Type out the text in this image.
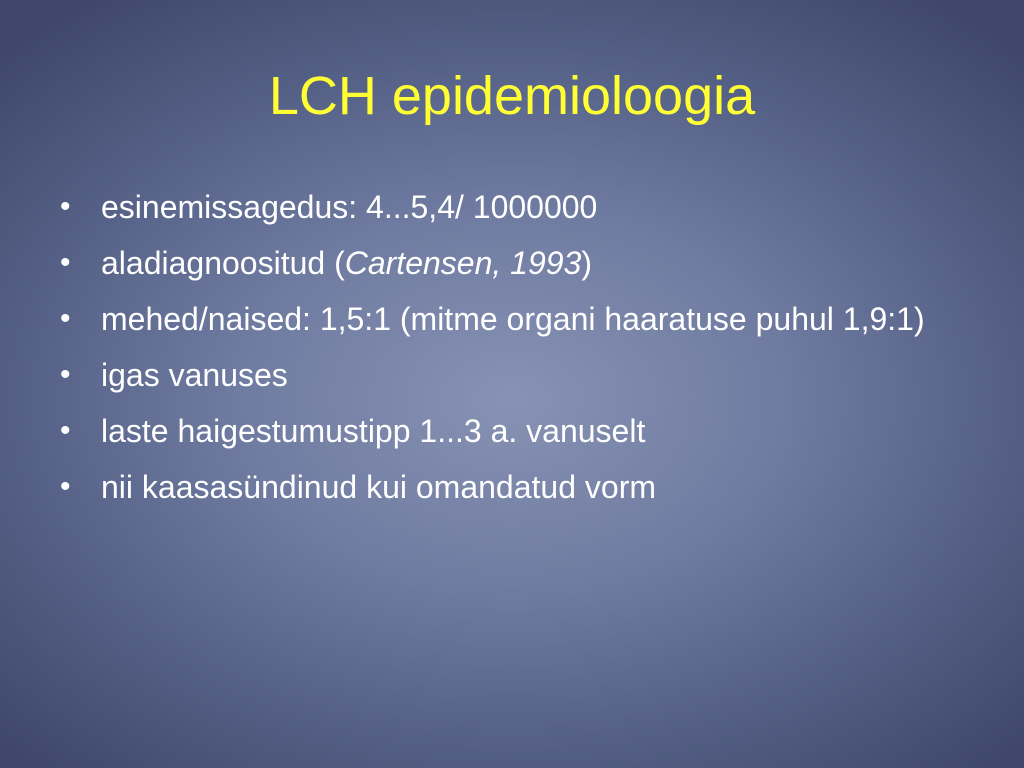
LCH epidemioloogia
• esinemissagedus: 4...5,4/ 1000000
• aladiagnoositud (Cartensen, 1993)
• mehed/naised: 1,5:1 (mitme organi haaratuse puhul 1,9:1)
• igas vanuses
• laste haigestumustipp 1...3 a. vanuselt
• nii kaasasündinud kui omandatud vorm
